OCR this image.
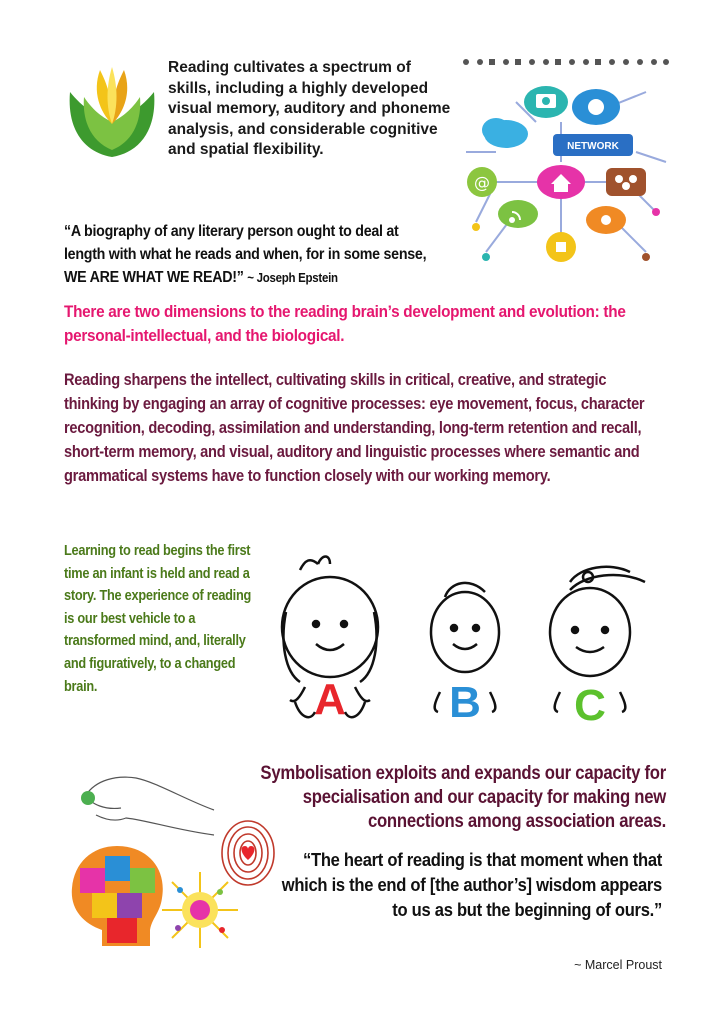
Reading cultivates a spectrum of skills, including a highly developed visual memory, auditory and phoneme analysis, and considerable cognitive and spatial flexibility.	NETWORK
@
“A biography of any literary person ought to deal at length with what he reads and when, for in some sense, WE ARE WHAT WE READ!” ~ Joseph Epstein
There are two dimensions to the reading brain’s development and evolution: the personal-intellectual, and the biological.
Reading sharpens the intellect, cultivating skills in critical, creative, and strategic thinking by engaging an array of cognitive processes: eye movement, focus, character recognition, decoding, assimilation and understanding, long-term retention and recall, short-term memory, and visual, auditory and linguistic processes where semantic and grammatical systems have to function closely with our working memory.
Learning to read begins the first time an infant is held and read a story. The experience of reading is our best vehicle to a transformed mind, and, literally and figuratively, to a changed brain.	A B C
Symbolisation exploits and expands our capacity for specialisation and our capacity for making new connections among association areas.
“The heart of reading is that moment when that which is the end of [the author’s] wisdom appears to us as but the beginning of ours.”
~ Marcel Proust
